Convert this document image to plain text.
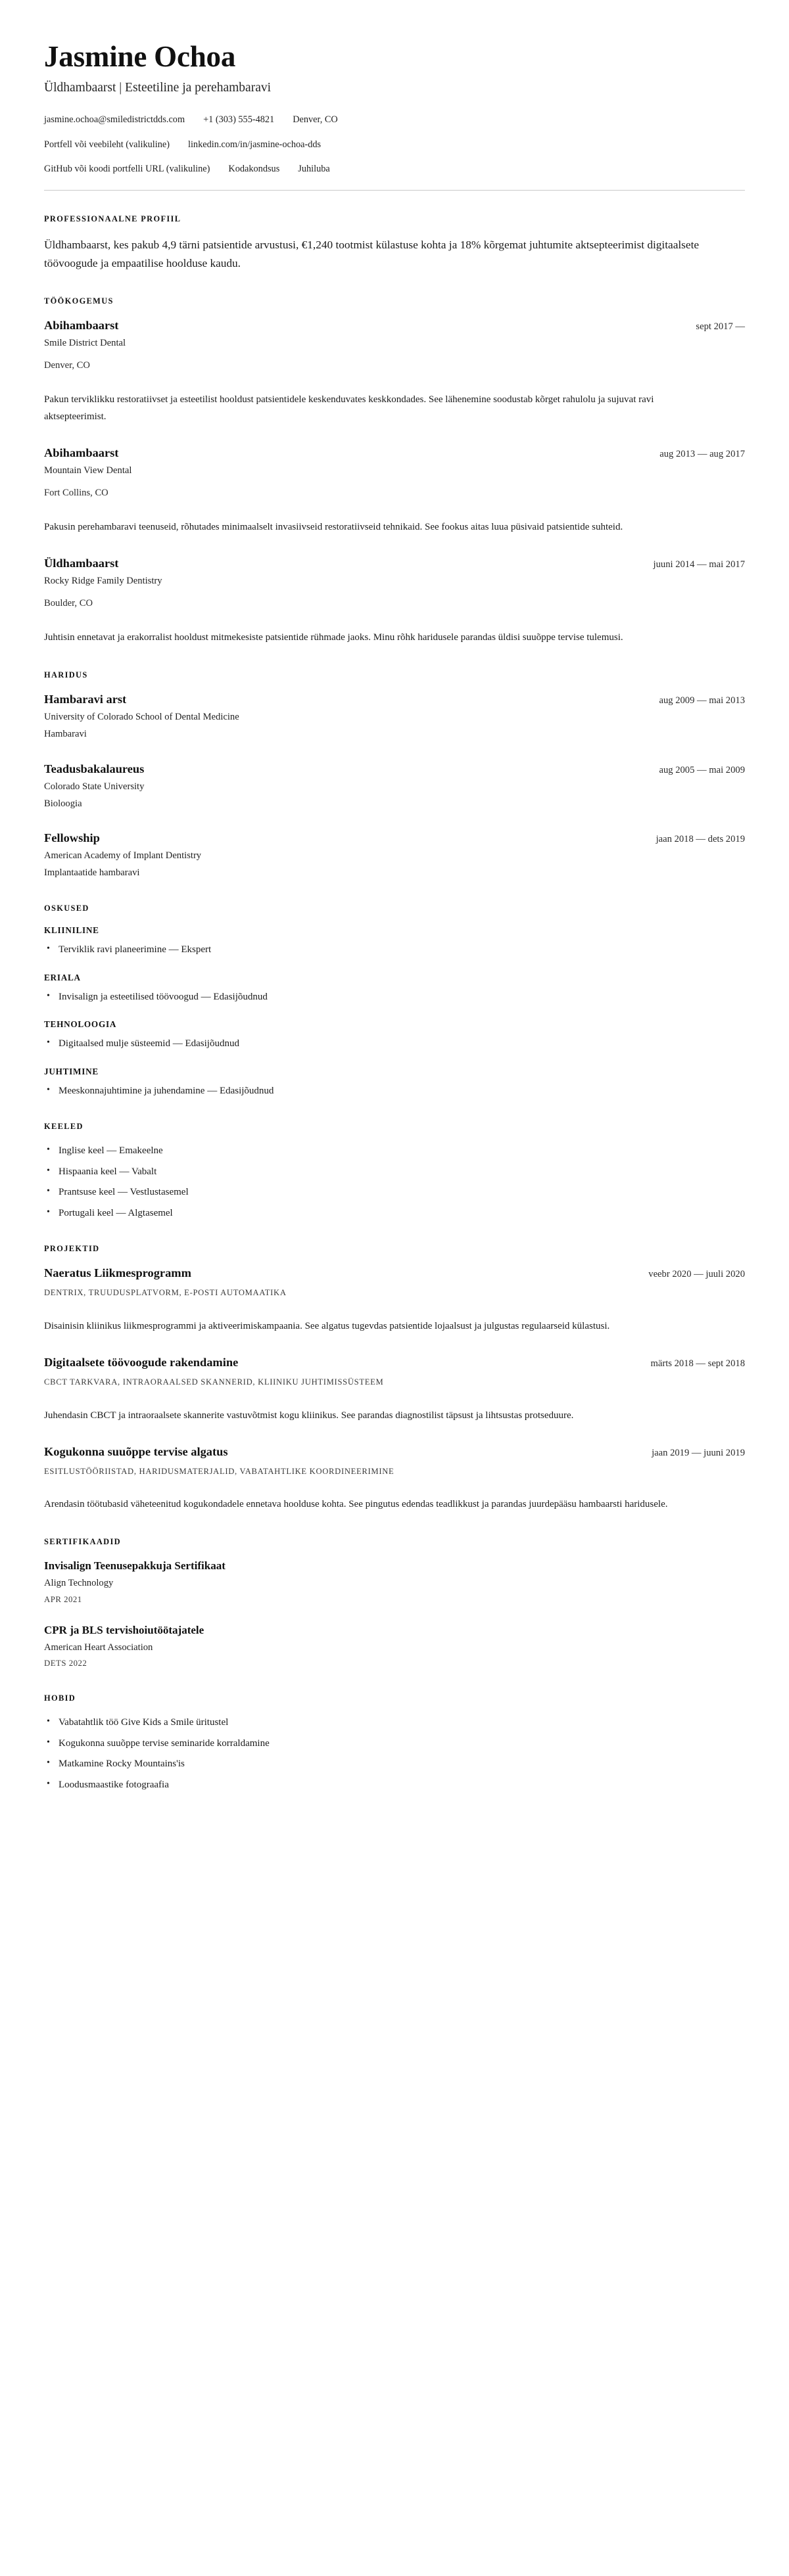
Jasmine Ochoa
Üldhambaarst | Esteetiline ja perehambaravi
jasmine.ochoa@smiledistrictdds.com +1 (303) 555-4821 Denver, CO
Portfell või veebileht (valikuline) linkedin.com/in/jasmine-ochoa-dds
GitHub või koodi portfelli URL (valikuline) Kodakondsus Juhiluba
PROFESSIONAALNE PROFIIL

Üldhambaarst, kes pakub 4,9 tärni patsientide arvustusi, €1,240 tootmist külastuse kohta ja 18% kõrgemat juhtumite aktsepteerimist digitaalsete töövoogude ja empaatilise hoolduse kaudu.

TÖÖKOGEMUS
Abihambaarst	sept 2017 —
Smile District Dental
Denver, CO
Pakun terviklikku restoratiivset ja esteetilist hooldust patsientidele keskenduvates keskkondades. See lähenemine soodustab kõrget rahulolu ja sujuvat ravi aktsepteerimist.
Abihambaarst	aug 2013 — aug 2017
Mountain View Dental
Fort Collins, CO
Pakusin perehambaravi teenuseid, rõhutades minimaalselt invasiivseid restoratiivseid tehnikaid. See fookus aitas luua püsivaid patsientide suhteid.
Üldhambaarst	juuni 2014 — mai 2017
Rocky Ridge Family Dentistry
Boulder, CO
Juhtisin ennetavat ja erakorralist hooldust mitmekesiste patsientide rühmade jaoks. Minu rõhk haridusele parandas üldisi suuõppe tervise tulemusi.
HARIDUS
Hambaravi arst	aug 2009 — mai 2013
University of Colorado School of Dental Medicine
Hambaravi
Teadusbakalaureus	aug 2005 — mai 2009
Colorado State University
Bioloogia
Fellowship	jaan 2018 — dets 2019
American Academy of Implant Dentistry
Implantaatide hambaravi
OSKUSED
KLIINILINE
• Terviklik ravi planeerimine — Ekspert
ERIALA
• Invisalign ja esteetilised töövoogud — Edasijõudnud
TEHNOLOOGIA
• Digitaalsed mulje süsteemid — Edasijõudnud
JUHTIMINE
• Meeskonnajuhtimine ja juhendamine — Edasijõudnud
KEELED
• Inglise keel — Emakeelne
• Hispaania keel — Vabalt
• Prantsuse keel — Vestlustasemel
• Portugali keel — Algtasemel
PROJEKTID
Naeratus Liikmesprogramm	veebr 2020 — juuli 2020
DENTRIX, TRUUDUSPLATVORM, E-POSTI AUTOMAATIKA
Disainisin kliinikus liikmesprogrammi ja aktiveerimiskampaania. See algatus tugevdas patsientide lojaalsust ja julgustas regulaarseid külastusi.
Digitaalsete töövoogude rakendamine	märts 2018 — sept 2018
CBCT TARKVARA, INTRAORAALSED SKANNERID, KLIINIKU JUHTIMISSÜSTEEM
Juhendasin CBCT ja intraoraalsete skannerite vastuvõtmist kogu kliinikus. See parandas diagnostilist täpsust ja lihtsustas protseduure.
Kogukonna suuõppe tervise algatus	jaan 2019 — juuni 2019
ESITLUSTÖÖRIISTAD, HARIDUSMATERJALID, VABATAHTLIKE KOORDINEERIMINE
Arendasin töötubasid väheteenitud kogukondadele ennetava hoolduse kohta. See pingutus edendas teadlikkust ja parandas juurdepääsu hambaarsti haridusele.
SERTIFIKAADID
Invisalign Teenusepakkuja Sertifikaat
Align Technology
APR 2021
CPR ja BLS tervishoiutöötajatele
American Heart Association
DETS 2022
HOBID
• Vabatahtlik töö Give Kids a Smile üritustel
• Kogukonna suuõppe tervise seminaride korraldamine
• Matkamine Rocky Mountains'is
• Loodusmaastike fotograafia
